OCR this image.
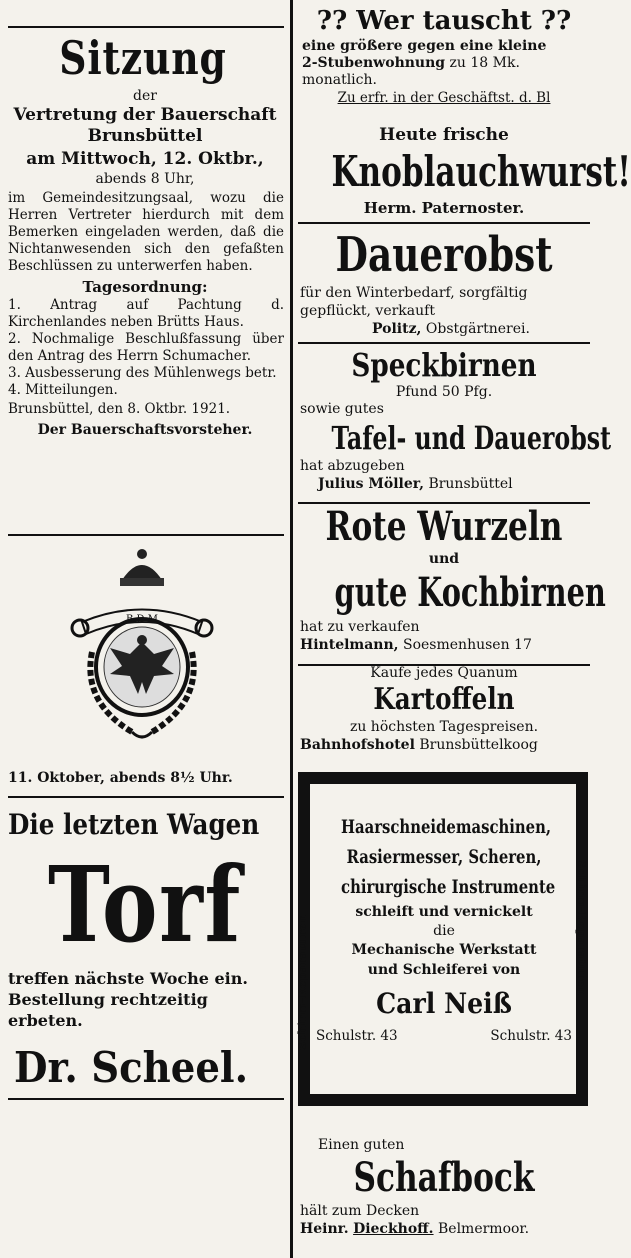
Sitzung

der

Vertretung der Bauerschaft

Brunsbüttel

am Mittwoch, 12. Oktbr.,

abends 8 Uhr,

im Gemeindesitzungsaal, wozu die Herren Vertreter hierdurch mit dem Bemerken eingeladen werden, daß die Nichtanwesenden sich den gefaßten Beschlüssen zu unterwerfen haben.

Tagesordnung:

1. Antrag auf Pachtung d. Kirchenlandes neben Brütts Haus.

2. Nochmalige Beschlußfassung über den Antrag des Herrn Schumacher.

3. Ausbesserung des Mühlenwegs betr.

4. Mitteilungen.

Brunsbüttel, den 8. Oktbr. 1921.

Der Bauerschaftsvorsteher.

B D M

11. Oktober, abends 8½ Uhr.

Die letzten Wagen

Torf

treffen nächste Woche ein. Bestellung rechtzeitig erbeten.

Dr. Scheel.

?? Wer tauscht ??

eine größere gegen eine kleine

2-Stubenwohnung zu 18 Mk.

monatlich.

Zu erfr. in der Geschäftst. d. Bl

Heute frische

Knoblauchwurst!

Herm. Paternoster.

Dauerobst

für den Winterbedarf, sorgfältig

gepflückt, verkauft

Politz, Obstgärtnerei.

Speckbirnen

Pfund 50 Pfg.

sowie gutes

Tafel- und Dauerobst

hat abzugeben

Julius Möller, Brunsbüttel

Rote Wurzeln

und

gute Kochbirnen

hat zu verkaufen

Hintelmann, Soesmenhusen 17

Kaufe jedes Quanum

Kartoffeln

zu höchsten Tagespreisen.

Bahnhofshotel Brunsbüttelkoog

Schirm-Reparaturen	Schirm-Reparaturen

Haarschneidemaschinen,

Rasiermesser, Scheren,

chirurgische Instrumente

schleift und vernickelt

die

Mechanische Werkstatt

und Schleiferei von

Carl Neiß

Schulstr. 43	Schulstr. 43

Einen guten

Schafbock

hält zum Decken

Heinr. Dieckhoff. Belmermoor.
